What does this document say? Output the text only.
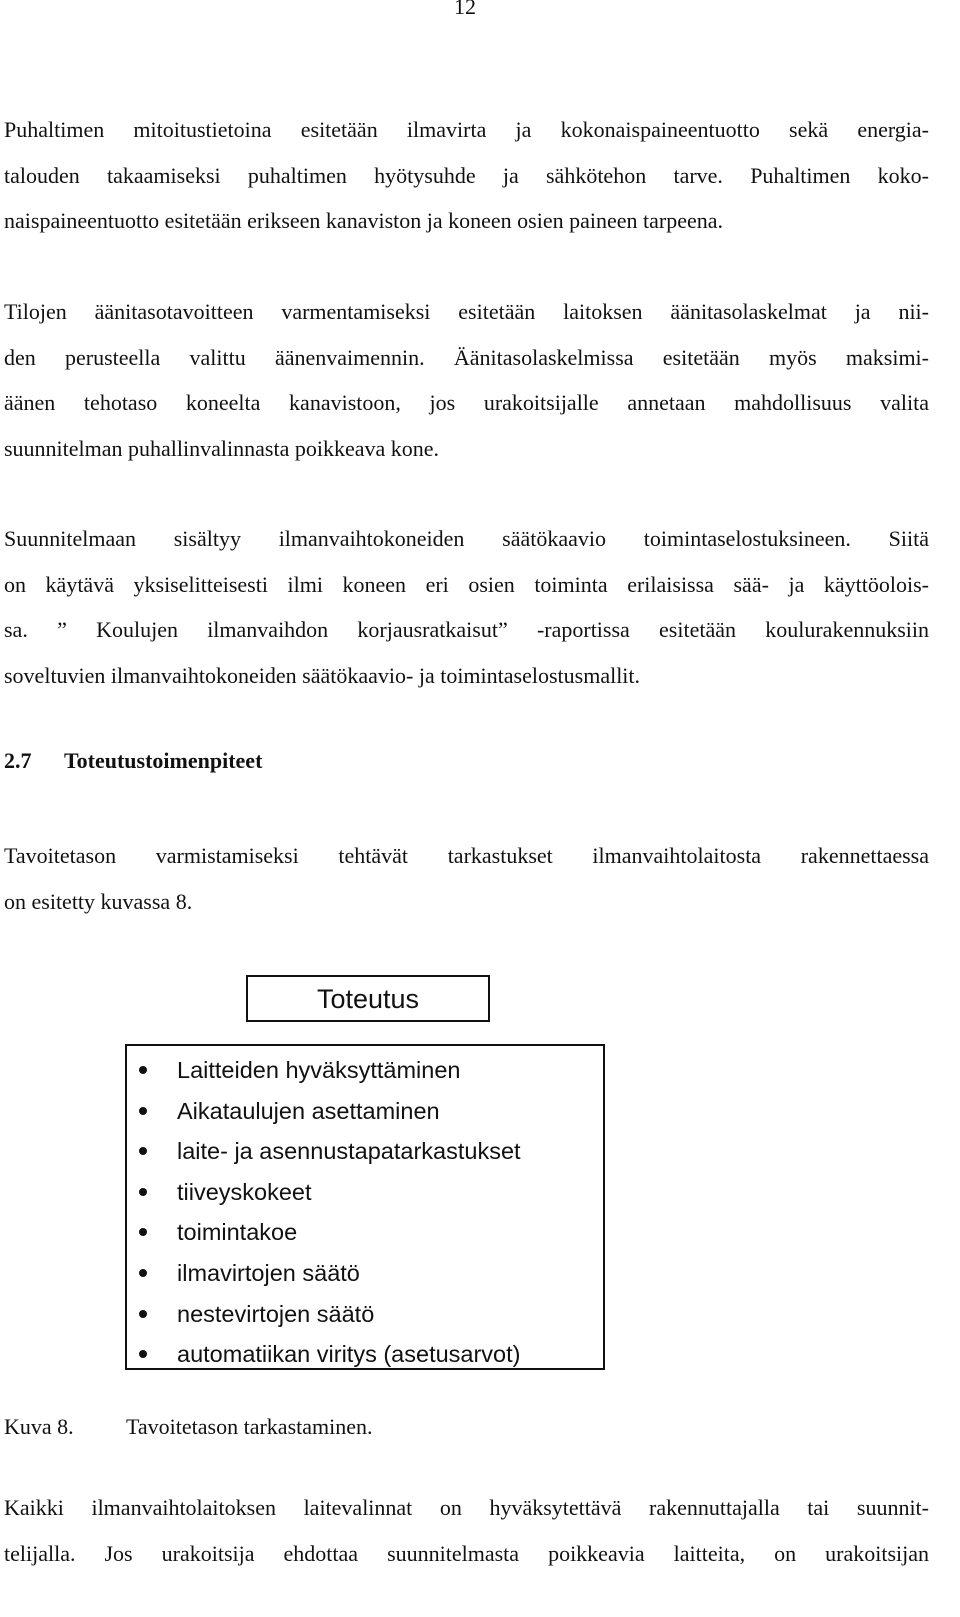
12
Puhaltimen mitoitustietoina esitetään ilmavirta ja kokonaispaineentuotto sekä energia-
talouden takaamiseksi puhaltimen hyötysuhde ja sähkötehon tarve. Puhaltimen koko-
naispaineentuotto esitetään erikseen kanaviston ja koneen osien paineen tarpeena.
Tilojen äänitasotavoitteen varmentamiseksi esitetään laitoksen äänitasolaskelmat ja nii-
den perusteella valittu äänenvaimennin. Äänitasolaskelmissa esitetään myös maksimi-
äänen tehotaso koneelta kanavistoon, jos urakoitsijalle annetaan mahdollisuus valita
suunnitelman puhallinvalinnasta poikkeava kone.
Suunnitelmaan sisältyy ilmanvaihtokoneiden säätökaavio toimintaselostuksineen. Siitä
on käytävä yksiselitteisesti ilmi koneen eri osien toiminta erilaisissa sää- ja käyttöolois-
sa. ” Koulujen ilmanvaihdon korjausratkaisut” -raportissa esitetään koulurakennuksiin
soveltuvien ilmanvaihtokoneiden säätökaavio- ja toimintaselostusmallit.
2.7 Toteutustoimenpiteet
Tavoitetason varmistamiseksi tehtävät tarkastukset ilmanvaihtolaitosta rakennettaessa
on esitetty kuvassa 8.
Toteutus
Laitteiden hyväksyttäminen
Aikataulujen asettaminen
laite- ja asennustapatarkastukset
tiiveyskokeet
toimintakoe
ilmavirtojen säätö
nestevirtojen säätö
automatiikan viritys (asetusarvot)

Kuva 8. Tavoitetason tarkastaminen.

Kaikki ilmanvaihtolaitoksen laitevalinnat on hyväksytettävä rakennuttajalla tai suunnit-
telijalla. Jos urakoitsija ehdottaa suunnitelmasta poikkeavia laitteita, on urakoitsijan
